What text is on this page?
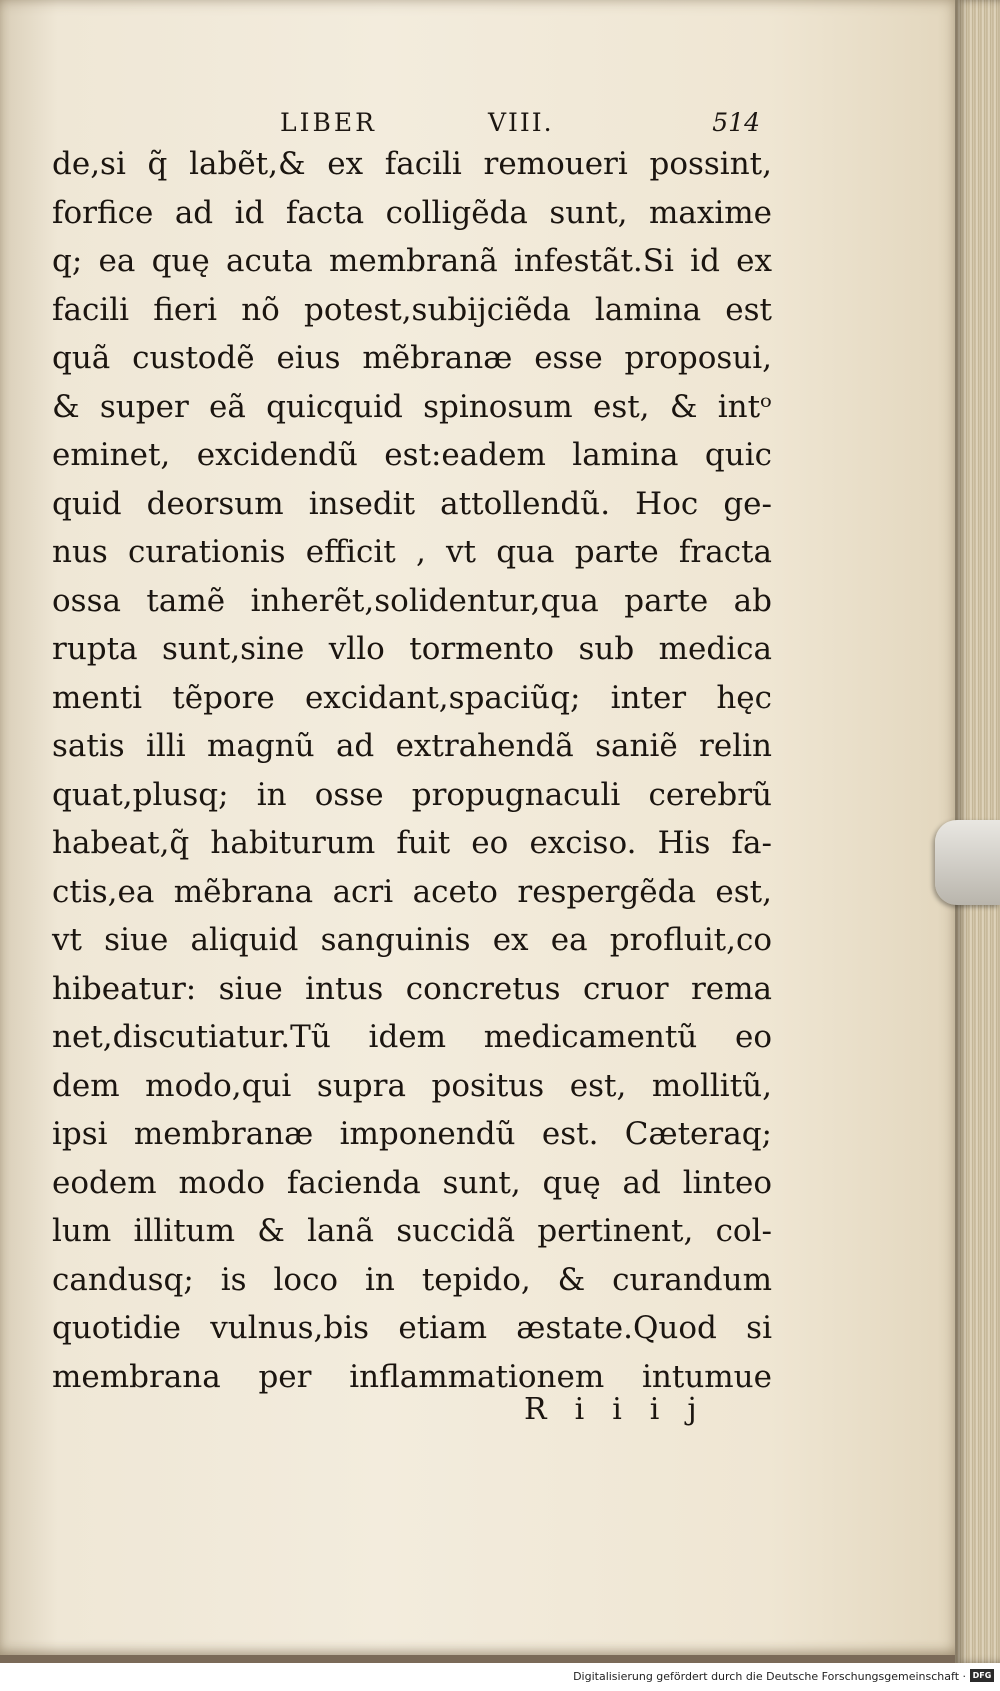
LIBER	VIII.	514
de,si q̃ labẽt,& ex facili remoueri possint,
forfice ad id facta colligẽda sunt, maxime
q; ea quę acuta membranã infestãt.Si id ex
facili fieri nõ potest,subijciẽda lamina est
quã custodẽ eius mẽbranæ esse proposui,
& super eã quicquid spinosum est, & intᵒ
eminet, excidendũ est:eadem lamina quic
quid deorsum insedit attollendũ. Hoc ge-
nus curationis efficit , vt qua parte fracta
ossa tamẽ inherẽt,solidentur,qua parte ab
rupta sunt,sine vllo tormento sub medica
menti tẽpore excidant,spaciũq; inter hęc
satis illi magnũ ad extrahendã saniẽ relin
quat,plusq; in osse propugnaculi cerebrũ
habeat,q̃ habiturum fuit eo exciso. His fa-
ctis,ea mẽbrana acri aceto respergẽda est,
vt siue aliquid sanguinis ex ea profluit,co
hibeatur: siue intus concretus cruor rema
net,discutiatur.Tũ idem medicamentũ eo
dem modo,qui supra positus est, mollitũ,
ipsi membranæ imponendũ est. Cæteraq;
eodem modo facienda sunt, quę ad linteo
lum illitum & lanã succidã pertinent, col-
candusq; is loco in tepido, & curandum
quotidie vulnus,bis etiam æstate.Quod si
membrana per inflammationem intumue
Riiij
Digitalisierung gefördert durch die Deutsche Forschungsgemeinschaft · DFG
